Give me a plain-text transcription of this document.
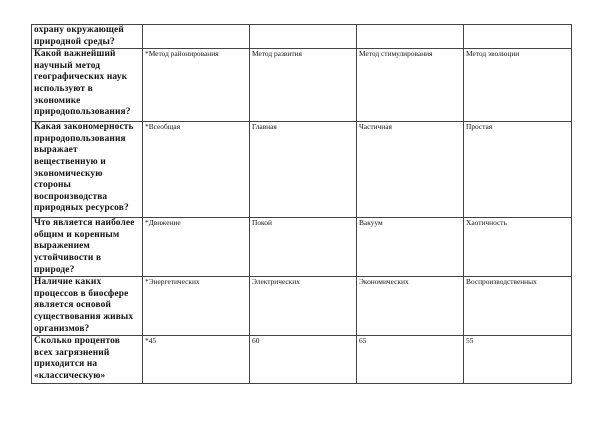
охрану окружающей природной среды?				
Какой важнейший научный метод географических наук используют в экономике природопользования?	*Метод районирования	Метод развития	Метод стимулирования	Метод эволюции
Какая закономерность природопользования выражает вещественную и экономическую стороны воспроизводства природных ресурсов?	*Всеобщая	Главная	Частичная	Простая
Что является наиболее общим и коренным выражением устойчивости в природе?	*Движение	Покой	Вакуум	Хаотичность
Наличие каких процессов в биосфере является основой существования живых организмов?	*Энергетических	Электрических	Экономических	Воспроизводственных
Сколько процентов всех загрязнений приходится на «классическую»	*45	60	65	55
